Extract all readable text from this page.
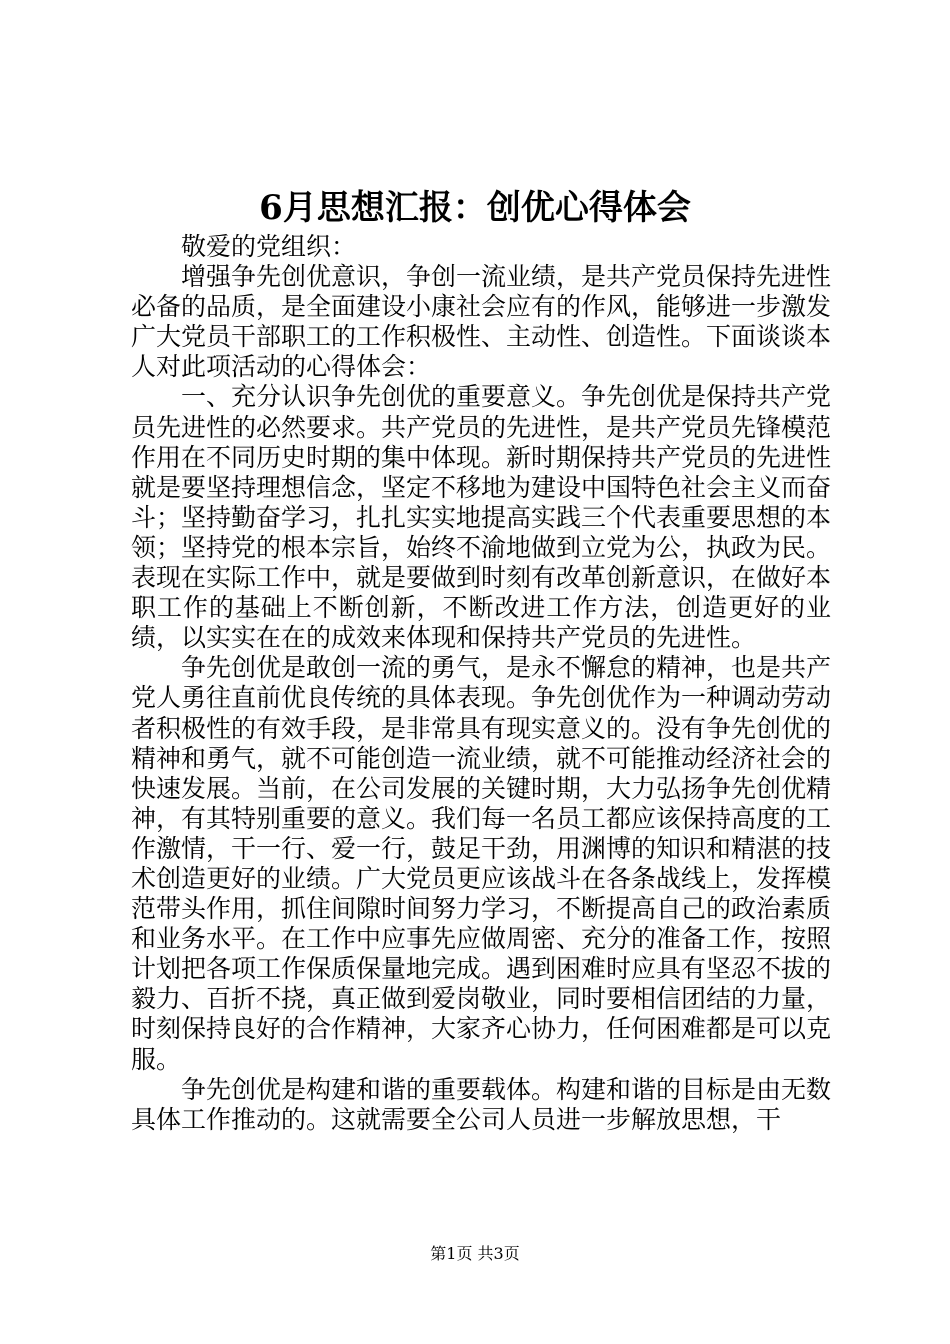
6月思想汇报：创优心得体会

敬爱的党组织：

增强争先创优意识，争创一流业绩，是共产党员保持先进性必备的品质，是全面建设小康社会应有的作风，能够进一步激发广大党员干部职工的工作积极性、主动性、创造性。下面谈谈本人对此项活动的心得体会：

一、充分认识争先创优的重要意义。争先创优是保持共产党员先进性的必然要求。共产党员的先进性，是共产党员先锋模范作用在不同历史时期的集中体现。新时期保持共产党员的先进性就是要坚持理想信念，坚定不移地为建设中国特色社会主义而奋斗；坚持勤奋学习，扎扎实实地提高实践三个代表重要思想的本领；坚持党的根本宗旨，始终不渝地做到立党为公，执政为民。表现在实际工作中，就是要做到时刻有改革创新意识，在做好本职工作的基础上不断创新，不断改进工作方法，创造更好的业绩，以实实在在的成效来体现和保持共产党员的先进性。

争先创优是敢创一流的勇气，是永不懈怠的精神，也是共产党人勇往直前优良传统的具体表现。争先创优作为一种调动劳动者积极性的有效手段，是非常具有现实意义的。没有争先创优的精神和勇气，就不可能创造一流业绩，就不可能推动经济社会的快速发展。当前，在公司发展的关键时期，大力弘扬争先创优精神，有其特别重要的意义。我们每一名员工都应该保持高度的工作激情，干一行、爱一行，鼓足干劲，用渊博的知识和精湛的技术创造更好的业绩。广大党员更应该战斗在各条战线上，发挥模范带头作用，抓住间隙时间努力学习，不断提高自己的政治素质和业务水平。在工作中应事先应做周密、充分的准备工作，按照计划把各项工作保质保量地完成。遇到困难时应具有坚忍不拔的毅力、百折不挠，真正做到爱岗敬业，同时要相信团结的力量，时刻保持良好的合作精神，大家齐心协力，任何困难都是可以克服。

争先创优是构建和谐的重要载体。构建和谐的目标是由无数具体工作推动的。这就需要全公司人员进一步解放思想，干

第1页 共3页
